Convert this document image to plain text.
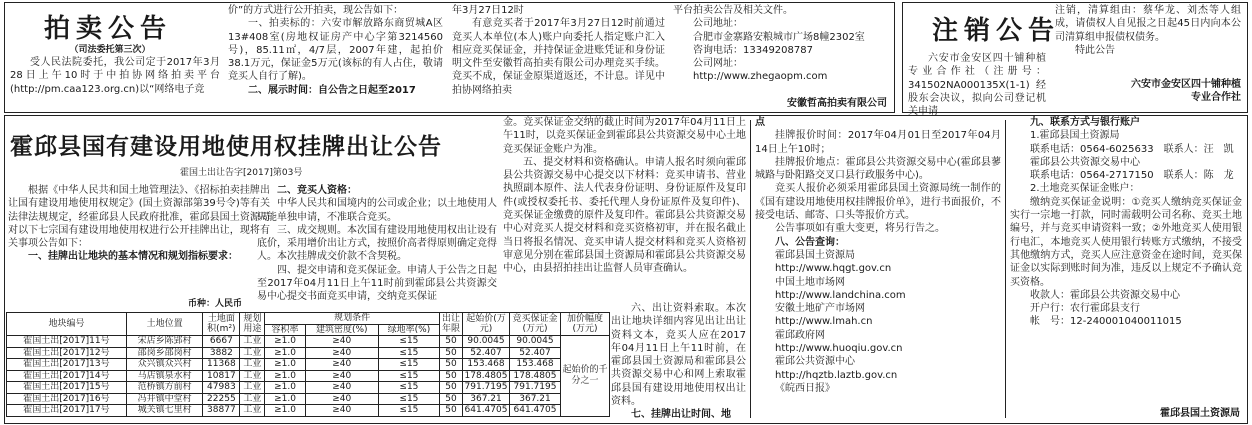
拍卖公告
（司法委托第三次）

受人民法院委托，我公司定于2017年3月28日上午10时于中拍协网络拍卖平台(http://pm.caa123.org.cn)以“网络电子竞

价”的方式进行公开拍卖，现公告如下：

一、拍卖标的：六安市解放路东商贸城A区13#408室(房地权证房产中心字第3214560号)，85.11㎡，4/7层，2007年建，起拍价38.1万元，保证金5万元(该标的有人占住，敬请竞买人自行了解)。

二、展示时间：自公告之日起至2017

年3月27日12时

有意竞买者于2017年3月27日12时前通过竞买人本单位(本人)账户向委托人指定账户汇入相应竞买保证金，并持保证金进账凭证和身份证明文件至安徽哲高拍卖有限公司办理竞买手续。竞买不成，保证金原渠道返还，不计息。详见中拍协网络拍卖

平台拍卖公告及相关文件。

公司地址：

合肥市金寨路安粮城市广场8幢2302室

咨询电话：13349208787

公司网址：

http://www.zhegaopm.com

安徽哲高拍卖有限公司
注销公告

六安市金安区四十铺种植专业合作社（注册号：341502NA000135X(1-1)经股东会决议，拟向公司登记机关申请

注销，清算组由：蔡华龙、刘杰等人组成，请债权人自见报之日起45日内向本公司清算组申报债权债务。

特此公告

六安市金安区四十铺种植专业合作社
霍邱县国有建设用地使用权挂牌出让公告
霍国土出让告字[2017]第03号

根据《中华人民共和国土地管理法》、《招标拍卖挂牌出让国有建设用地使用权规定》(国土资源部第39号令)等有关法律法规规定，经霍邱县人民政府批准，霍邱县国土资源局对以下七宗国有建设用地使用权进行公开挂牌出让，现将有关事项公告如下：

一、挂牌出让地块的基本情况和规划指标要求：

二、竞买人资格：

中华人民共和国境内的公司或企业；以土地使用人只能单独申请，不准联合竞买。

三、成交规则。本次国有建设用地使用权出让设有底价，采用增价出让方式，按照价高者得原则确定竞得人。本次挂牌成交价款不含契税。

四、提交申请和竞买保证金。申请人于公告之日起至2017年04月11日上午11时前到霍邱县公共资源交易中心提交书面竞买申请，交纳竞买保证

币种：人民币

金。竞买保证金交纳的截止时间为2017年04月11日上午11时，以竞买保证金到霍邱县公共资源交易中心土地竞买保证金账户为准。

五、提交材料和资格确认。申请人报名时须向霍邱县公共资源交易中心提交以下材料：竞买申请书、营业执照副本原件、法人代表身份证明、身份证原件及复印件(或授权委托书、委托代理人身份证原件及复印件)、竞买保证金缴费的原件及复印件。霍邱县公共资源交易中心对竞买人提交材料和竞买资格初审，并在报名截止当日将报名情况、竞买申请人提交材料和竞买人资格初审意见分别在霍邱县国土资源局和霍邱县公共资源交易中心，由县招拍挂出让监督人员审查确认。

六、出让资料索取。本次出让地块详细内容见出让出让资料文本，竞买人应在2017年04月11日上午11时前，在霍邱县国土资源局和霍邱县公共资源交易中心和网上索取霍邱县国有建设用地使用权出让资料。

七、挂牌出让时间、地

点

挂牌报价时间：2017年04月01日至2017年04月14日上午10时；

挂牌报价地点：霍邱县公共资源交易中心(霍邱县蓼城路与卧阳路交叉口县行政服务中心)。

竞买人报价必须采用霍邱县国土资源局统一制作的《国有建设用地使用权挂牌报价单》，进行书面报价，不接受电话、邮寄、口头等报价方式。

公告事项如有重大变更，将另行告之。

八、公告查询：

霍邱县国土资源局

http://www.hqgt.gov.cn

中国土地市场网

http://www.landchina.com

安徽土地矿产市场网

http://www.lmah.cn

霍邱政府网

http://www.huoqiu.gov.cn

霍邱公共资源中心

http://hqztb.laztb.gov.cn

《皖西日报》

九、联系方式与银行账户

1.霍邱县国土资源局

联系电话：0564-6025633　联系人：汪　凯

霍邱县公共资源交易中心

联系电话：0564-2717150　联系人：陈　龙

2.土地竞买保证金账户：

缴纳竞买保证金说明：①竞买人缴纳竞买保证金实行一宗地一打款，同时需载明公司名称、竞买土地编号，并与竞买申请资料一致；②外地竞买人使用银行电汇，本地竞买人使用银行转账方式缴纳，不接受其他缴纳方式，竞买人应注意资金在途时间，竞买保证金以实际到账时间为准，违反以上规定不予确认竞买资格。

收款人：霍邱县公共资源交易中心

开户行：农行霍邱县支行

帐　号：12-240001040011015

霍邱县国土资源局
地块编号	土地位置	土地面积(m²)	规划用途	规划条件			出让年限	起始价(万元)	竞买保证金(万元)	加价幅度(万元)
				容积率	建筑密度(%)	绿地率(%)				
霍国土出[2017]11号	宋店乡陈郢村	6667	工业	≥1.0	≥40	≤15	50	90.0045	90.0045	起始价的千分之一
霍国土出[2017]12号	邵岗乡邵岗村	3882	工业	≥1.0	≥40	≤15	50	52.407	52.407	
霍国土出[2017]13号	众兴镇众兴村	11368	工业	≥1.0	≥40	≤15	50	153.468	153.468	
霍国土出[2017]14号	马店镇泉水村	10817	工业	≥1.0	≥40	≤15	50	178.4805	178.4805	
霍国土出[2017]15号	范桥镇方前村	47983	工业	≥1.0	≥40	≤15	50	791.7195	791.7195	
霍国土出[2017]16号	冯井镇中堂村	22255	工业	≥1.0	≥40	≤15	50	367.21	367.21	
霍国土出[2017]17号	城关镇七里村	38877	工业	≥1.0	≥40	≤15	50	641.4705	641.4705	
